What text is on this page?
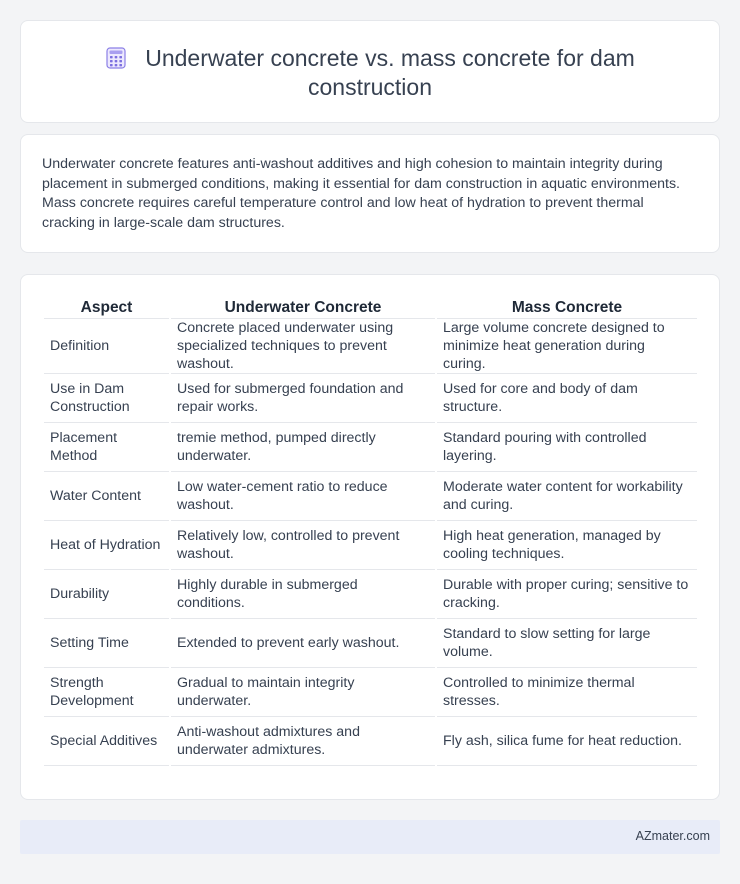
Underwater concrete vs. mass concrete for dam construction

Underwater concrete features anti-washout additives and high cohesion to maintain integrity during placement in submerged conditions, making it essential for dam construction in aquatic environments. Mass concrete requires careful temperature control and low heat of hydration to prevent thermal cracking in large-scale dam structures.

Aspect	Underwater Concrete	Mass Concrete
Definition	Concrete placed underwater using specialized techniques to prevent washout.	Large volume concrete designed to minimize heat generation during curing.
Use in Dam Construction	Used for submerged foundation and repair works.	Used for core and body of dam structure.
Placement Method	tremie method, pumped directly underwater.	Standard pouring with controlled layering.
Water Content	Low water-cement ratio to reduce washout.	Moderate water content for workability and curing.
Heat of Hydration	Relatively low, controlled to prevent washout.	High heat generation, managed by cooling techniques.
Durability	Highly durable in submerged conditions.	Durable with proper curing; sensitive to cracking.
Setting Time	Extended to prevent early washout.	Standard to slow setting for large volume.
Strength Development	Gradual to maintain integrity underwater.	Controlled to minimize thermal stresses.
Special Additives	Anti-washout admixtures and underwater admixtures.	Fly ash, silica fume for heat reduction.
AZmater.com
